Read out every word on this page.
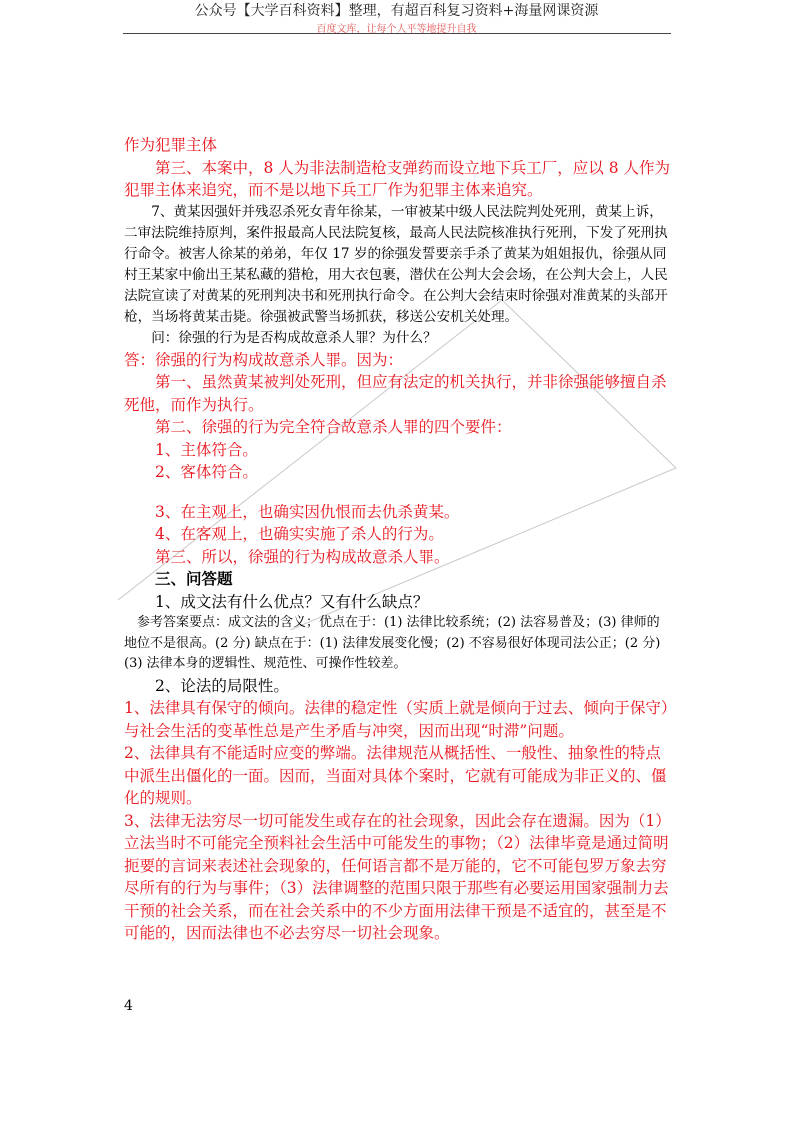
公众号【大学百科资料】整理，有超百科复习资料+海量网课资源
百度文库，让每个人平等地提升自我

作为犯罪主体

第三、本案中，8 人为非法制造枪支弹药而设立地下兵工厂，应以 8 人作为犯罪主体来追究，而不是以地下兵工厂作为犯罪主体来追究。

7、黄某因强奸并残忍杀死女青年徐某，一审被某中级人民法院判处死刑，黄某上诉，二审法院维持原判，案件报最高人民法院复核，最高人民法院核准执行死刑，下发了死刑执行命令。被害人徐某的弟弟，年仅 17 岁的徐强发誓要亲手杀了黄某为姐姐报仇，徐强从同村王某家中偷出王某私藏的猎枪，用大衣包裹，潜伏在公判大会会场，在公判大会上，人民法院宣读了对黄某的死刑判决书和死刑执行命令。在公判大会结束时徐强对准黄某的头部开枪，当场将黄某击毙。徐强被武警当场抓获，移送公安机关处理。

问：徐强的行为是否构成故意杀人罪？为什么？

答：徐强的行为构成故意杀人罪。因为：

第一、虽然黄某被判处死刑，但应有法定的机关执行，并非徐强能够擅自杀死他，而作为执行。

第二、徐强的行为完全符合故意杀人罪的四个要件：

1、主体符合。

2、客体符合。

3、在主观上，也确实因仇恨而去仇杀黄某。

4、在客观上，也确实实施了杀人的行为。

第三、所以，徐强的行为构成故意杀人罪。

三、问答题

1、成文法有什么优点？又有什么缺点？

参考答案要点：成文法的含义；优点在于：(1) 法律比较系统；(2) 法容易普及；(3) 律师的地位不是很高。(2 分) 缺点在于：(1) 法律发展变化慢；(2) 不容易很好体现司法公正；(2 分) (3) 法律本身的逻辑性、规范性、可操作性较差。

2、论法的局限性。

1、法律具有保守的倾向。法律的稳定性（实质上就是倾向于过去、倾向于保守）与社会生活的变革性总是产生矛盾与冲突，因而出现“时滞”问题。

2、法律具有不能适时应变的弊端。法律规范从概括性、一般性、抽象性的特点中派生出僵化的一面。因而，当面对具体个案时，它就有可能成为非正义的、僵化的规则。

3、法律无法穷尽一切可能发生或存在的社会现象，因此会存在遗漏。因为（1）立法当时不可能完全预料社会生活中可能发生的事物；（2）法律毕竟是通过简明扼要的言词来表述社会现象的，任何语言都不是万能的，它不可能包罗万象去穷尽所有的行为与事件；（3）法律调整的范围只限于那些有必要运用国家强制力去干预的社会关系，而在社会关系中的不少方面用法律干预是不适宜的，甚至是不可能的，因而法律也不必去穷尽一切社会现象。

4
